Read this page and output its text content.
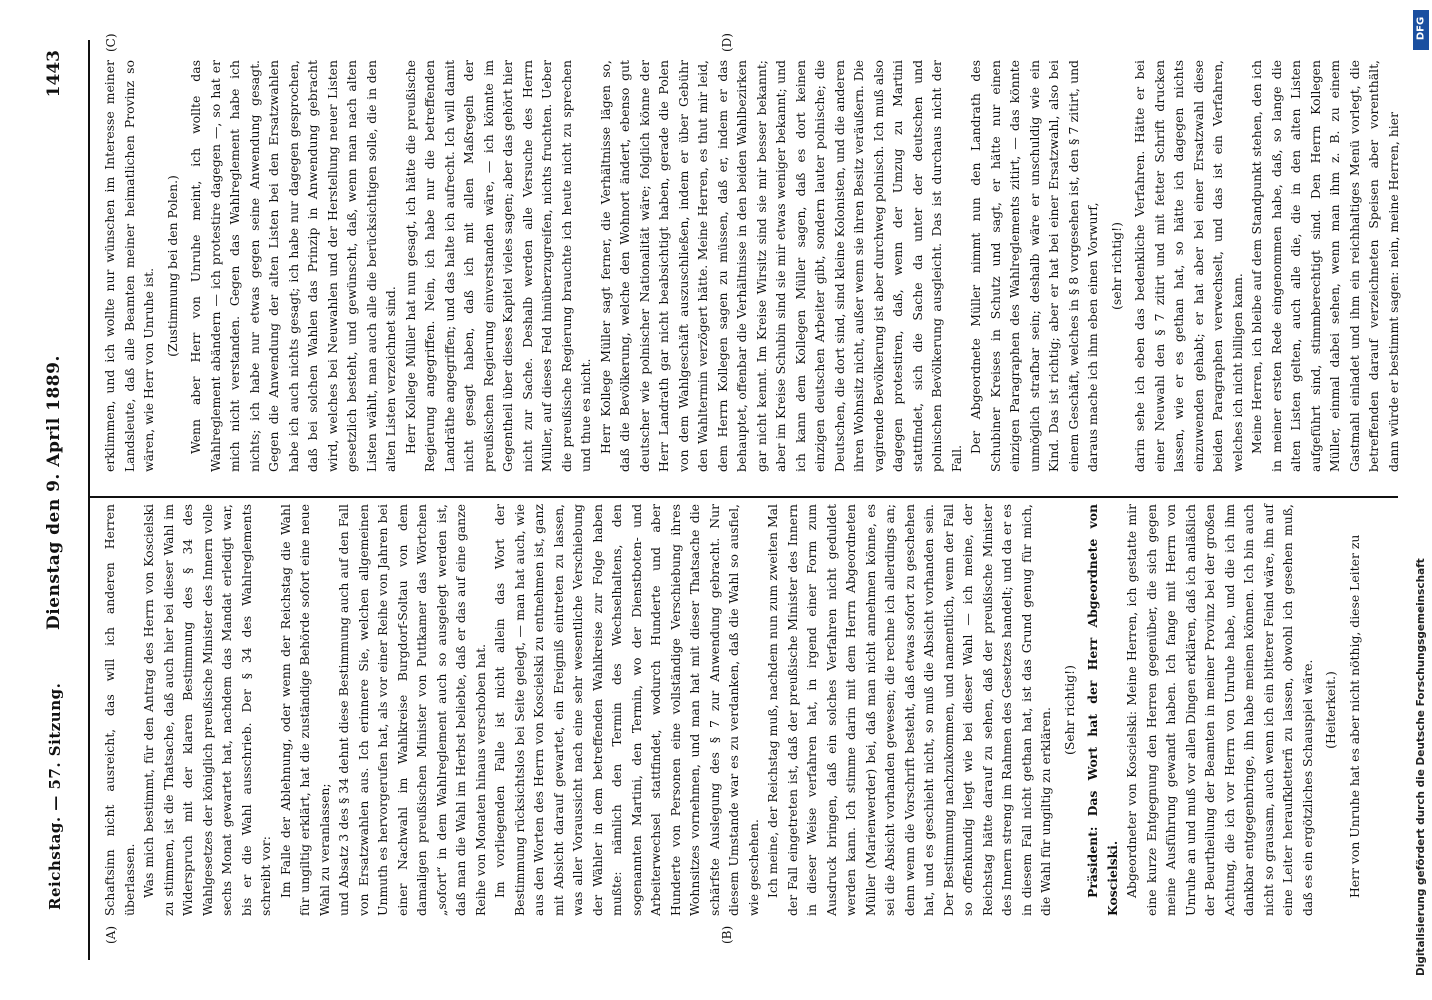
Reichstag. — 57. Sitzung.
Dienstag den 9. April 1889.
1443
(A)	(B)
(C)	(D)

Schaftsinn nicht ausreicht, das will ich anderen Herren überlassen. Was mich bestimmt, für den Antrag des Herrn von Koscielski zu stimmen, ist die Thatsache, daß auch hier bei dieser Wahl im Widerspruch mit der klaren Bestimmung des § 34 des Wahlgesetzes der königlich preußische Minister des Innern volle sechs Monat gewartet hat, nachdem das Mandat erledigt war, bis er die Wahl ausschrieb. Der § 34 des Wahlreglements schreibt vor: Im Falle der Ablehnung, oder wenn der Reichstag die Wahl für ungiltig erklärt, hat die zuständige Behörde sofort eine neue Wahl zu veranlassen; und Absatz 3 des § 34 dehnt diese Bestimmung auch auf den Fall von Ersatzwahlen aus. Ich erinnere Sie, welchen allgemeinen Unmuth es hervorgerufen hat, als vor einer Reihe von Jahren bei einer Nachwahl im Wahlkreise Burgdorf-Soltau von dem damaligen preußischen Minister von Puttkamer das Wörtchen „sofort“ in dem Wahlreglement auch so ausgelegt werden ist, daß man die Wahl im Herbst beliebte, daß er das auf eine ganze Reihe von Monaten hinaus verschoben hat. Im vorliegenden Falle ist nicht allein das Wort der Bestimmung rücksichtslos bei Seite gelegt, — man hat auch, wie aus den Worten des Herrn von Koscielski zu entnehmen ist, ganz mit Absicht darauf gewartet, ein Ereigniß eintreten zu lassen, was aller Voraussicht nach eine sehr wesentliche Verschiebung der Wähler in dem betreffenden Wahlkreise zur Folge haben mußte: nämlich den Termin des Wechselhaltens, den sogenannten Martini, den Termin, wo der Dienstboten- und Arbeiterwechsel stattfindet, wodurch Hunderte und aber Hunderte von Personen eine vollständige Verschiebung ihres Wohnsitzes vornehmen, und man hat mit dieser Thatsache die schärfste Auslegung des § 7 zur Anwendung gebracht. Nur diesem Umstande war es zu verdanken, daß die Wahl so ausfiel, wie geschehen. Ich meine, der Reichstag muß, nachdem nun zum zweiten Mal der Fall eingetreten ist, daß der preußische Minister des Innern in dieser Weise verfahren hat, in irgend einer Form zum Ausdruck bringen, daß ein solches Verfahren nicht geduldet werden kann. Ich stimme darin mit dem Herrn Abgeordneten Müller (Marienwerder) bei, daß man nicht annehmen könne, es sei die Absicht vorhanden gewesen; die rechne ich allerdings an; denn wenn die Vorschrift besteht, daß etwas sofort zu geschehen hat, und es geschieht nicht, so muß die Absicht vorhanden sein. Der Bestimmung nachzukommen, und namentlich, wenn der Fall so offenkundig liegt wie bei dieser Wahl — ich meine, der Reichstag hätte darauf zu sehen, daß der preußische Minister des Innern streng im Rahmen des Gesetzes handelt; und da er es in diesem Fall nicht gethan hat, ist das Grund genug für mich, die Wahl für ungiltig zu erklären. (Sehr richtig!) Präsident: Das Wort hat der Herr Abgeordnete von Koscielski. Abgeordneter von Koscielski: Meine Herren, ich gestatte mir eine kurze Entgegnung den Herren gegenüber, die sich gegen meine Ausführung gewandt haben. Ich fange mit Herrn von Unruhe an und muß vor allen Dingen erklären, daß ich anläßlich der Beurtheilung der Beamten in meiner Provinz bei der großen Achtung, die ich vor Herrn von Unruhe habe, und die ich ihm dankbar entgegenbringe, ihn habe meinen können. Ich bin auch nicht so grausam, auch wenn ich ein bitterer Feind wäre, ihn auf eine Leiter heraufkletterñ zu lassen, obwohl ich gesehen muß, daß es ein ergötzliches Schauspiel wäre. (Heiterkeit.) Herr von Unruhe hat es aber nicht nöthig, diese Leiter zu

erklimmen, und ich wollte nur wünschen im Interesse meiner Landsleute, daß alle Beamten meiner heimatlichen Provinz so wären, wie Herr von Unruhe ist.

(Zustimmung bei den Polen.) Wenn aber Herr von Unruhe meint, ich wollte das Wahlreglement abändern — ich protestire dagegen —, so hat er mich nicht verstanden. Gegen das Wahlreglement habe ich nichts; ich habe nur etwas gegen seine Anwendung gesagt. Gegen die Anwendung der alten Listen bei den Ersatzwahlen habe ich auch nichts gesagt; ich habe nur dagegen gesprochen, daß bei solchen Wahlen das Prinzip in Anwendung gebracht wird, welches bei Neuwahlen und der Herstellung neuer Listen gesetzlich besteht, und gewünscht, daß, wenn man nach alten Listen wählt, man auch alle die berücksichtigen solle, die in den alten Listen verzeichnet sind. Herr Kollege Müller hat nun gesagt, ich hätte die preußische Regierung angegriffen. Nein, ich habe nur die betreffenden Landräthe angegriffen; und das halte ich aufrecht. Ich will damit nicht gesagt haben, daß ich mit allen Maßregeln der preußischen Regierung einverstanden wäre, — ich könnte im Gegentheil über dieses Kapitel vieles sagen; aber das gehört hier nicht zur Sache. Deshalb werden alle Versuche des Herrn Müller, auf dieses Feld hinüberzugreifen, nichts fruchten. Ueber die preußische Regierung brauchte ich heute nicht zu sprechen und thue es nicht. Herr Kollege Müller sagt ferner, die Verhältnisse lägen so, daß die Bevölkerung, welche den Wohnort ändert, ebenso gut deutscher wie polnischer Nationalität wäre; folglich könne der Herr Landrath gar nicht beabsichtigt haben, gerade die Polen von dem Wahlgeschäft auszuschließen, indem er über Gebühr den Wahltermin verzögert hätte. Meine Herren, es thut mir leid, dem Herrn Kollegen sagen zu müssen, daß er, indem er das behauptet, offenbar die Verhältnisse in den beiden Wahlbezirken gar nicht kennt. Im Kreise Wirsitz sind sie mir besser bekannt; aber im Kreise Schubin sind sie mir etwas weniger bekannt; und ich kann dem Kollegen Müller sagen, daß es dort keinen einzigen deutschen Arbeiter gibt, sondern lauter polnische; die Deutschen, die dort sind, sind kleine Kolonisten, und die anderen ihren Wohnsitz nicht, außer wenn sie ihren Besitz veräußern. Die vagirende Bevölkerung ist aber durchweg polnisch. Ich muß also dagegen protestiren, daß, wenn der Umzug zu Martini stattfindet, sich die Sache da unter der deutschen und polnischen Bevölkerung ausgleicht. Das ist durchaus nicht der Fall.

Der Abgeordnete Müller nimmt nun den Landrath des Schubiner Kreises in Schutz und sagt, er hätte nur einen einzigen Paragraphen des Wahlreglements zitirt, — das könnte unmöglich strafbar sein; deshalb wäre er unschuldig wie ein Kind. Das ist richtig; aber er hat bei einer Ersatzwahl, also bei einem Geschäft, welches in § 8 vorgesehen ist, den § 7 zitirt, und daraus mache ich ihm eben einen Vorwurf, (sehr richtig!) darin sehe ich eben das bedenkliche Verfahren. Hätte er bei einer Neuwahl den § 7 zitirt und mit fetter Schrift drucken lassen, wie er es gethan hat, so hätte ich dagegen nichts einzuwenden gehabt; er hat aber bei einer Ersatzwahl diese beiden Paragraphen verwechselt, und das ist ein Verfahren, welches ich nicht billigen kann. Meine Herren, ich bleibe auf dem Standpunkt stehen, den ich in meiner ersten Rede eingenommen habe, daß, so lange die alten Listen gelten, auch alle die, die in den alten Listen aufgeführt sind, stimmberechtigt sind. Den Herrn Kollegen Müller, einmal dabei sehen, wenn man ihm z. B. zu einem Gastmahl einladet und ihm ein reichhaltiges Menü vorlegt, die betreffenden darauf verzeichneten Speisen aber vorenthält, dann würde er bestimmt sagen: nein, meine Herren, hier

Digitalisierung gefördert durch die Deutsche Forschungsgemeinschaft
DFG
